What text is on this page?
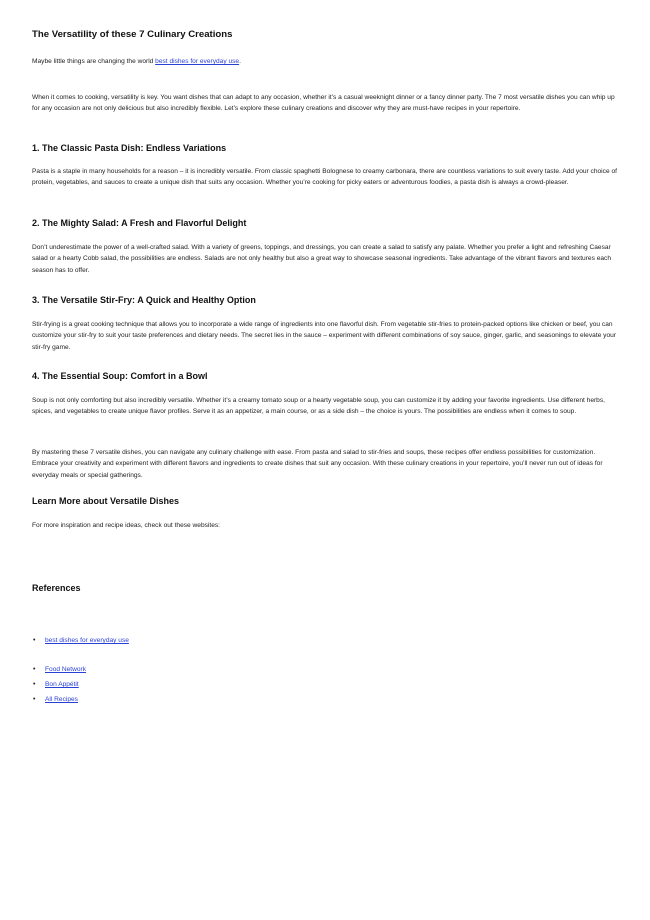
The Versatility of these 7 Culinary Creations

Maybe little things are changing the world best dishes for everyday use.

When it comes to cooking, versatility is key. You want dishes that can adapt to any occasion, whether it’s a casual weeknight dinner or a fancy dinner party. The 7 most versatile dishes you can whip up for any occasion are not only delicious but also incredibly flexible. Let’s explore these culinary creations and discover why they are must-have recipes in your repertoire.

1. The Classic Pasta Dish: Endless Variations

Pasta is a staple in many households for a reason – it is incredibly versatile. From classic spaghetti Bolognese to creamy carbonara, there are countless variations to suit every taste. Add your choice of protein, vegetables, and sauces to create a unique dish that suits any occasion. Whether you’re cooking for picky eaters or adventurous foodies, a pasta dish is always a crowd-pleaser.

2. The Mighty Salad: A Fresh and Flavorful Delight

Don’t underestimate the power of a well-crafted salad. With a variety of greens, toppings, and dressings, you can create a salad to satisfy any palate. Whether you prefer a light and refreshing Caesar salad or a hearty Cobb salad, the possibilities are endless. Salads are not only healthy but also a great way to showcase seasonal ingredients. Take advantage of the vibrant flavors and textures each season has to offer.

3. The Versatile Stir-Fry: A Quick and Healthy Option

Stir-frying is a great cooking technique that allows you to incorporate a wide range of ingredients into one flavorful dish. From vegetable stir-fries to protein-packed options like chicken or beef, you can customize your stir-fry to suit your taste preferences and dietary needs. The secret lies in the sauce – experiment with different combinations of soy sauce, ginger, garlic, and seasonings to elevate your stir-fry game.

4. The Essential Soup: Comfort in a Bowl

Soup is not only comforting but also incredibly versatile. Whether it’s a creamy tomato soup or a hearty vegetable soup, you can customize it by adding your favorite ingredients. Use different herbs, spices, and vegetables to create unique flavor profiles. Serve it as an appetizer, a main course, or as a side dish – the choice is yours. The possibilities are endless when it comes to soup.

By mastering these 7 versatile dishes, you can navigate any culinary challenge with ease. From pasta and salad to stir-fries and soups, these recipes offer endless possibilities for customization. Embrace your creativity and experiment with different flavors and ingredients to create dishes that suit any occasion. With these culinary creations in your repertoire, you’ll never run out of ideas for everyday meals or special gatherings.

Learn More about Versatile Dishes

For more inspiration and recipe ideas, check out these websites:

References
• best dishes for everyday use
• Food Network
• Bon Appétit
• All Recipes
